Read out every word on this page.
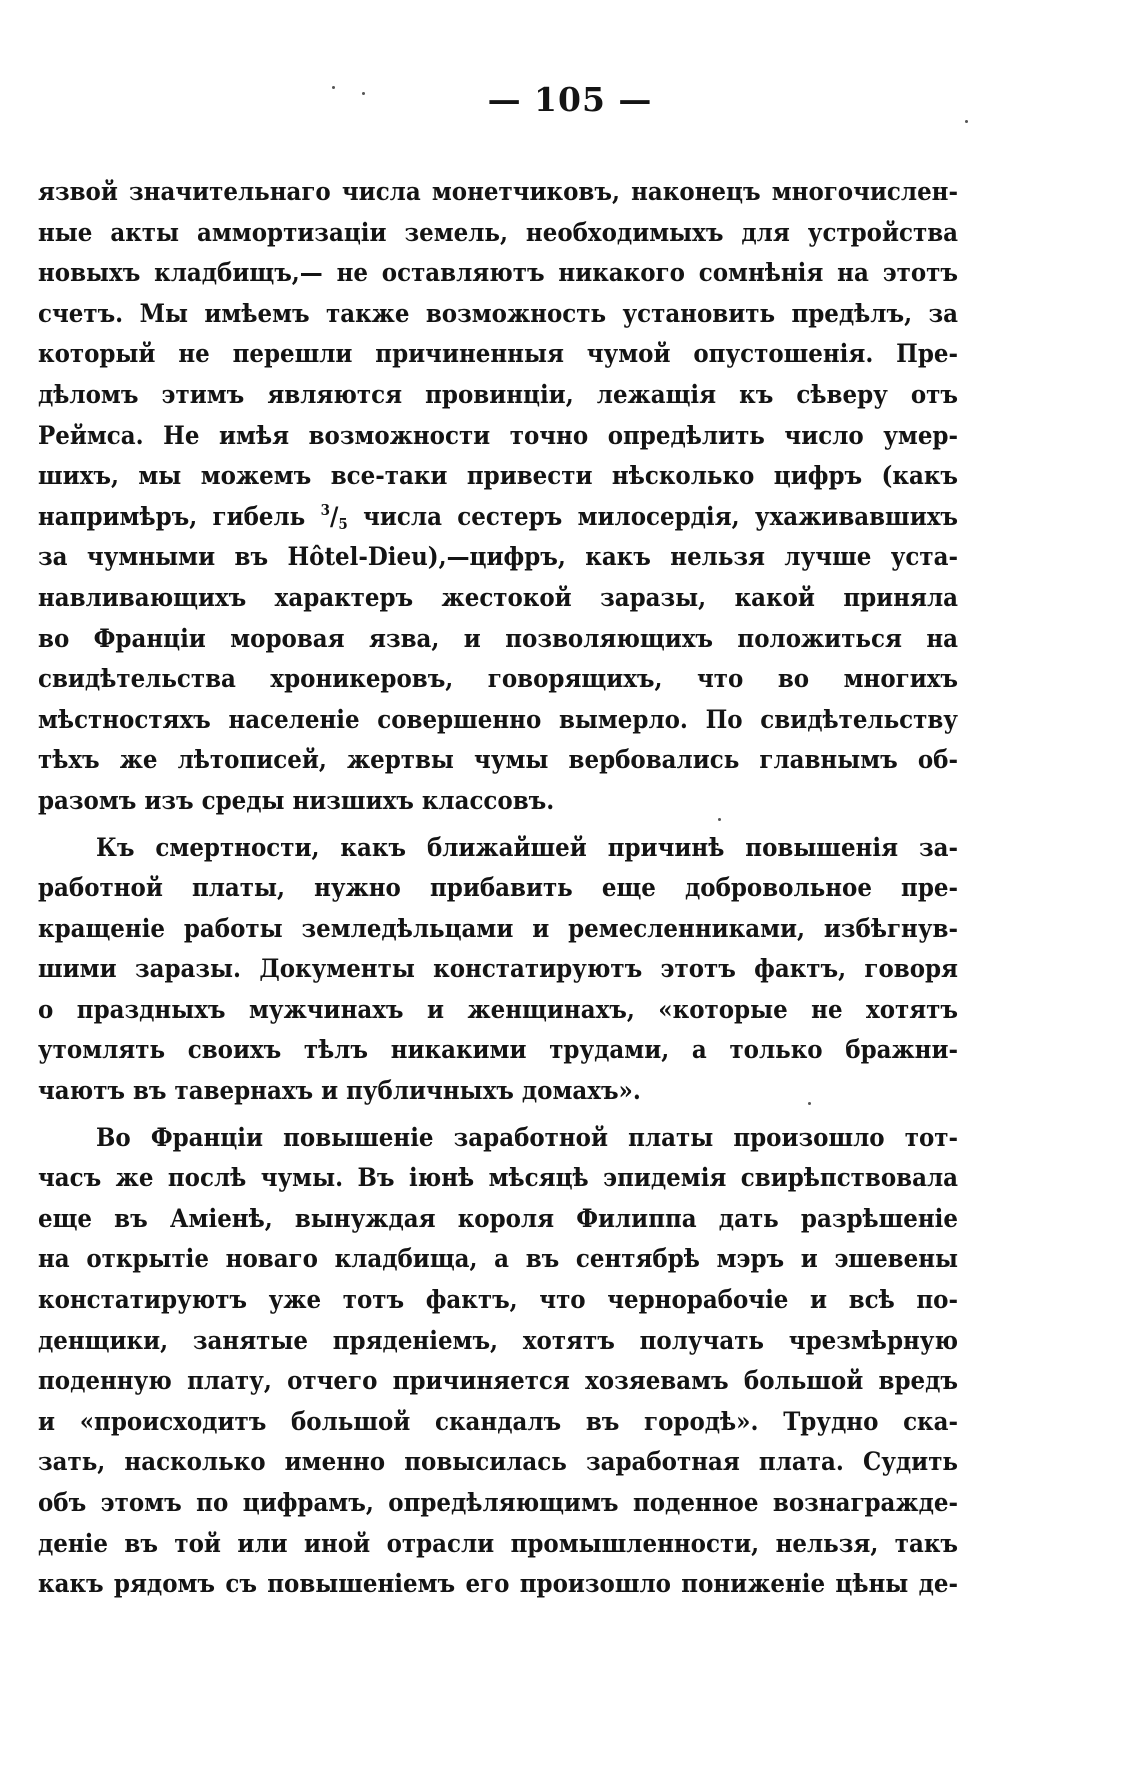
— 105 —
язвой значительнаго числа монетчиковъ, наконецъ многочислен-
ные акты аммортизаціи земель, необходимыхъ для устройства
новыхъ кладбищъ,— не оставляютъ никакого сомнѣнія на этотъ
счетъ. Мы имѣемъ также возможность установить предѣлъ, за
который не перешли причиненныя чумой опустошенія. Пре-
дѣломъ этимъ являются провинціи, лежащія къ сѣверу отъ
Реймса. Не имѣя возможности точно опредѣлить число умер-
шихъ, мы можемъ все-таки привести нѣсколько цифръ (какъ
напримѣръ, гибель $^3/_5$ числа сестеръ милосердія, ухаживавшихъ
за чумными въ Hôtel-Dieu),—цифръ, какъ нельзя лучше уста-
навливающихъ характеръ жестокой заразы, какой приняла
во Франціи моровая язва, и позволяющихъ положиться на
свидѣтельства хроникеровъ, говорящихъ, что во многихъ
мѣстностяхъ населеніе совершенно вымерло. По свидѣтельству
тѣхъ же лѣтописей, жертвы чумы вербовались главнымъ об-
разомъ изъ среды низшихъ классовъ.
Къ смертности, какъ ближайшей причинѣ повышенія за-
работной платы, нужно прибавить еще добровольное пре-
кращеніе работы земледѣльцами и ремесленниками, избѣгнув-
шими заразы. Документы констатируютъ этотъ фактъ, говоря
о праздныхъ мужчинахъ и женщинахъ, «которые не хотятъ
утомлять своихъ тѣлъ никакими трудами, а только бражни-
чаютъ въ тавернахъ и публичныхъ домахъ».
Во Франціи повышеніе заработной платы произошло тот-
часъ же послѣ чумы. Въ іюнѣ мѣсяцѣ эпидемія свирѣпствовала
еще въ Аміенѣ, вынуждая короля Филиппа дать разрѣшеніе
на открытіе новаго кладбища, а въ сентябрѣ мэръ и эшевены
констатируютъ уже тотъ фактъ, что чернорабочіе и всѣ по-
денщики, занятые пряденіемъ, хотятъ получать чрезмѣрную
поденную плату, отчего причиняется хозяевамъ большой вредъ
и «происходитъ большой скандалъ въ городѣ». Трудно ска-
зать, насколько именно повысилась заработная плата. Судить
объ этомъ по цифрамъ, опредѣляющимъ поденное вознагражде-
деніе въ той или иной отрасли промышленности, нельзя, такъ
какъ рядомъ съ повышеніемъ его произошло пониженіе цѣны де-
